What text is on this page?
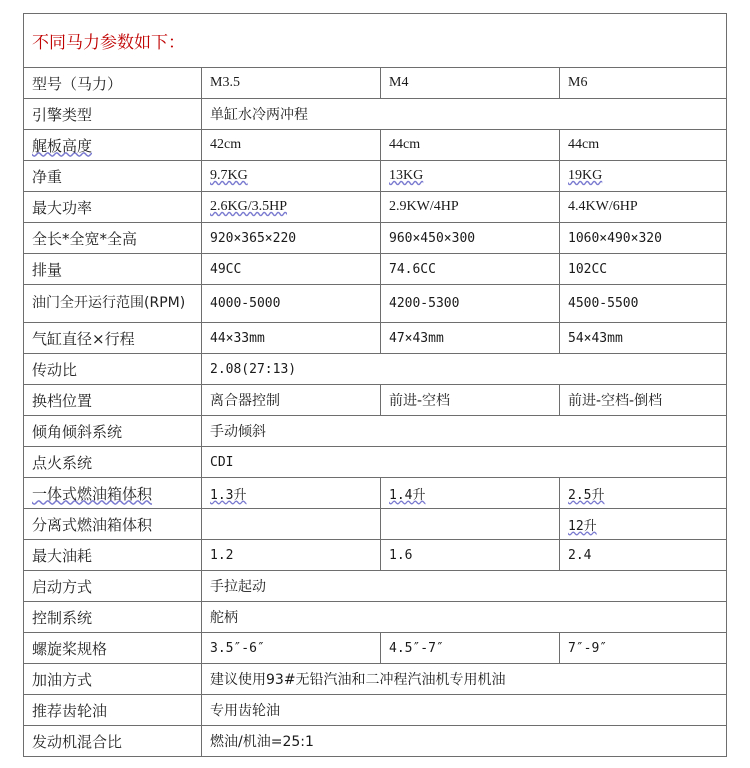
不同马力参数如下：			
型号（马力）	M3.5	M4	M6
引擎类型	单缸水冷两冲程		
艉板高度	42cm	44cm	44cm
净重	9.7KG	13KG	19KG
最大功率	2.6KG/3.5HP	2.9KW/4HP	4.4KW/6HP
全长*全宽*全高	920×365×220	960×450×300	1060×490×320
排量	49CC	74.6CC	102CC
油门全开运行范围(RPM)	4000-5000	4200-5300	4500-5500
气缸直径×行程	44×33mm	47×43mm	54×43mm
传动比	2.08(27:13)		
换档位置	离合器控制	前进-空档	前进-空档-倒档
倾角倾斜系统	手动倾斜		
点火系统	CDI		
一体式燃油箱体积	1.3升	1.4升	2.5升
分离式燃油箱体积			12升
最大油耗	1.2	1.6	2.4
启动方式	手拉起动		
控制系统	舵柄		
螺旋桨规格	3.5″-6″	4.5″-7″	7″-9″
加油方式	建议使用93#无铅汽油和二冲程汽油机专用机油		
推荐齿轮油	专用齿轮油		
发动机混合比	燃油/机油=25:1		
